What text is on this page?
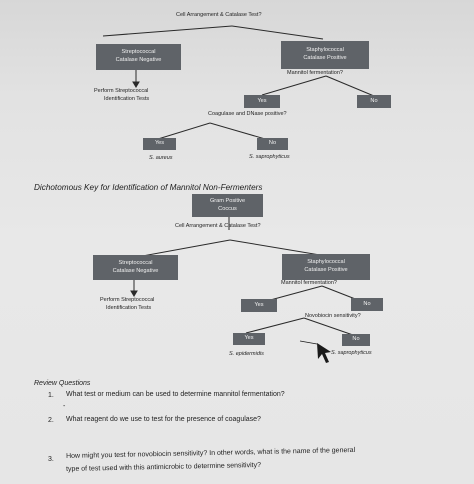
Cell Arrangement & Catalase Test?
Streptococcal
Catalase Negative
Staphylococcal
Catalase Positive
Mannitol fermentation?
Perform Streptococcal
Identification Tests	Yes	No
Coagulase and DNase positive?
Yes	No
S. aureus	S. saprophyticus
Dichotomous Key for Identification of Mannitol Non-Fermenters
Gram Positive
Coccus
Cell Arrangement & Catalase Test?
Streptococcal
Catalase Negative
Staphylococcal
Catalase Positive
Mannitol fermentation?
Perform Streptococcal
Identification Tests
Yes	No
Novobiocin sensitivity?
Yes	No
S. epidermidis	S. saprophyticus
Review Questions
1. What test or medium can be used to determine mannitol fermentation?
-
2. What reagent do we use to test for the presence of coagulase?
3. How might you test for novobiocin sensitivity? In other words, what is the name of the general
type of test used with this antimicrobic to determine sensitivity?
